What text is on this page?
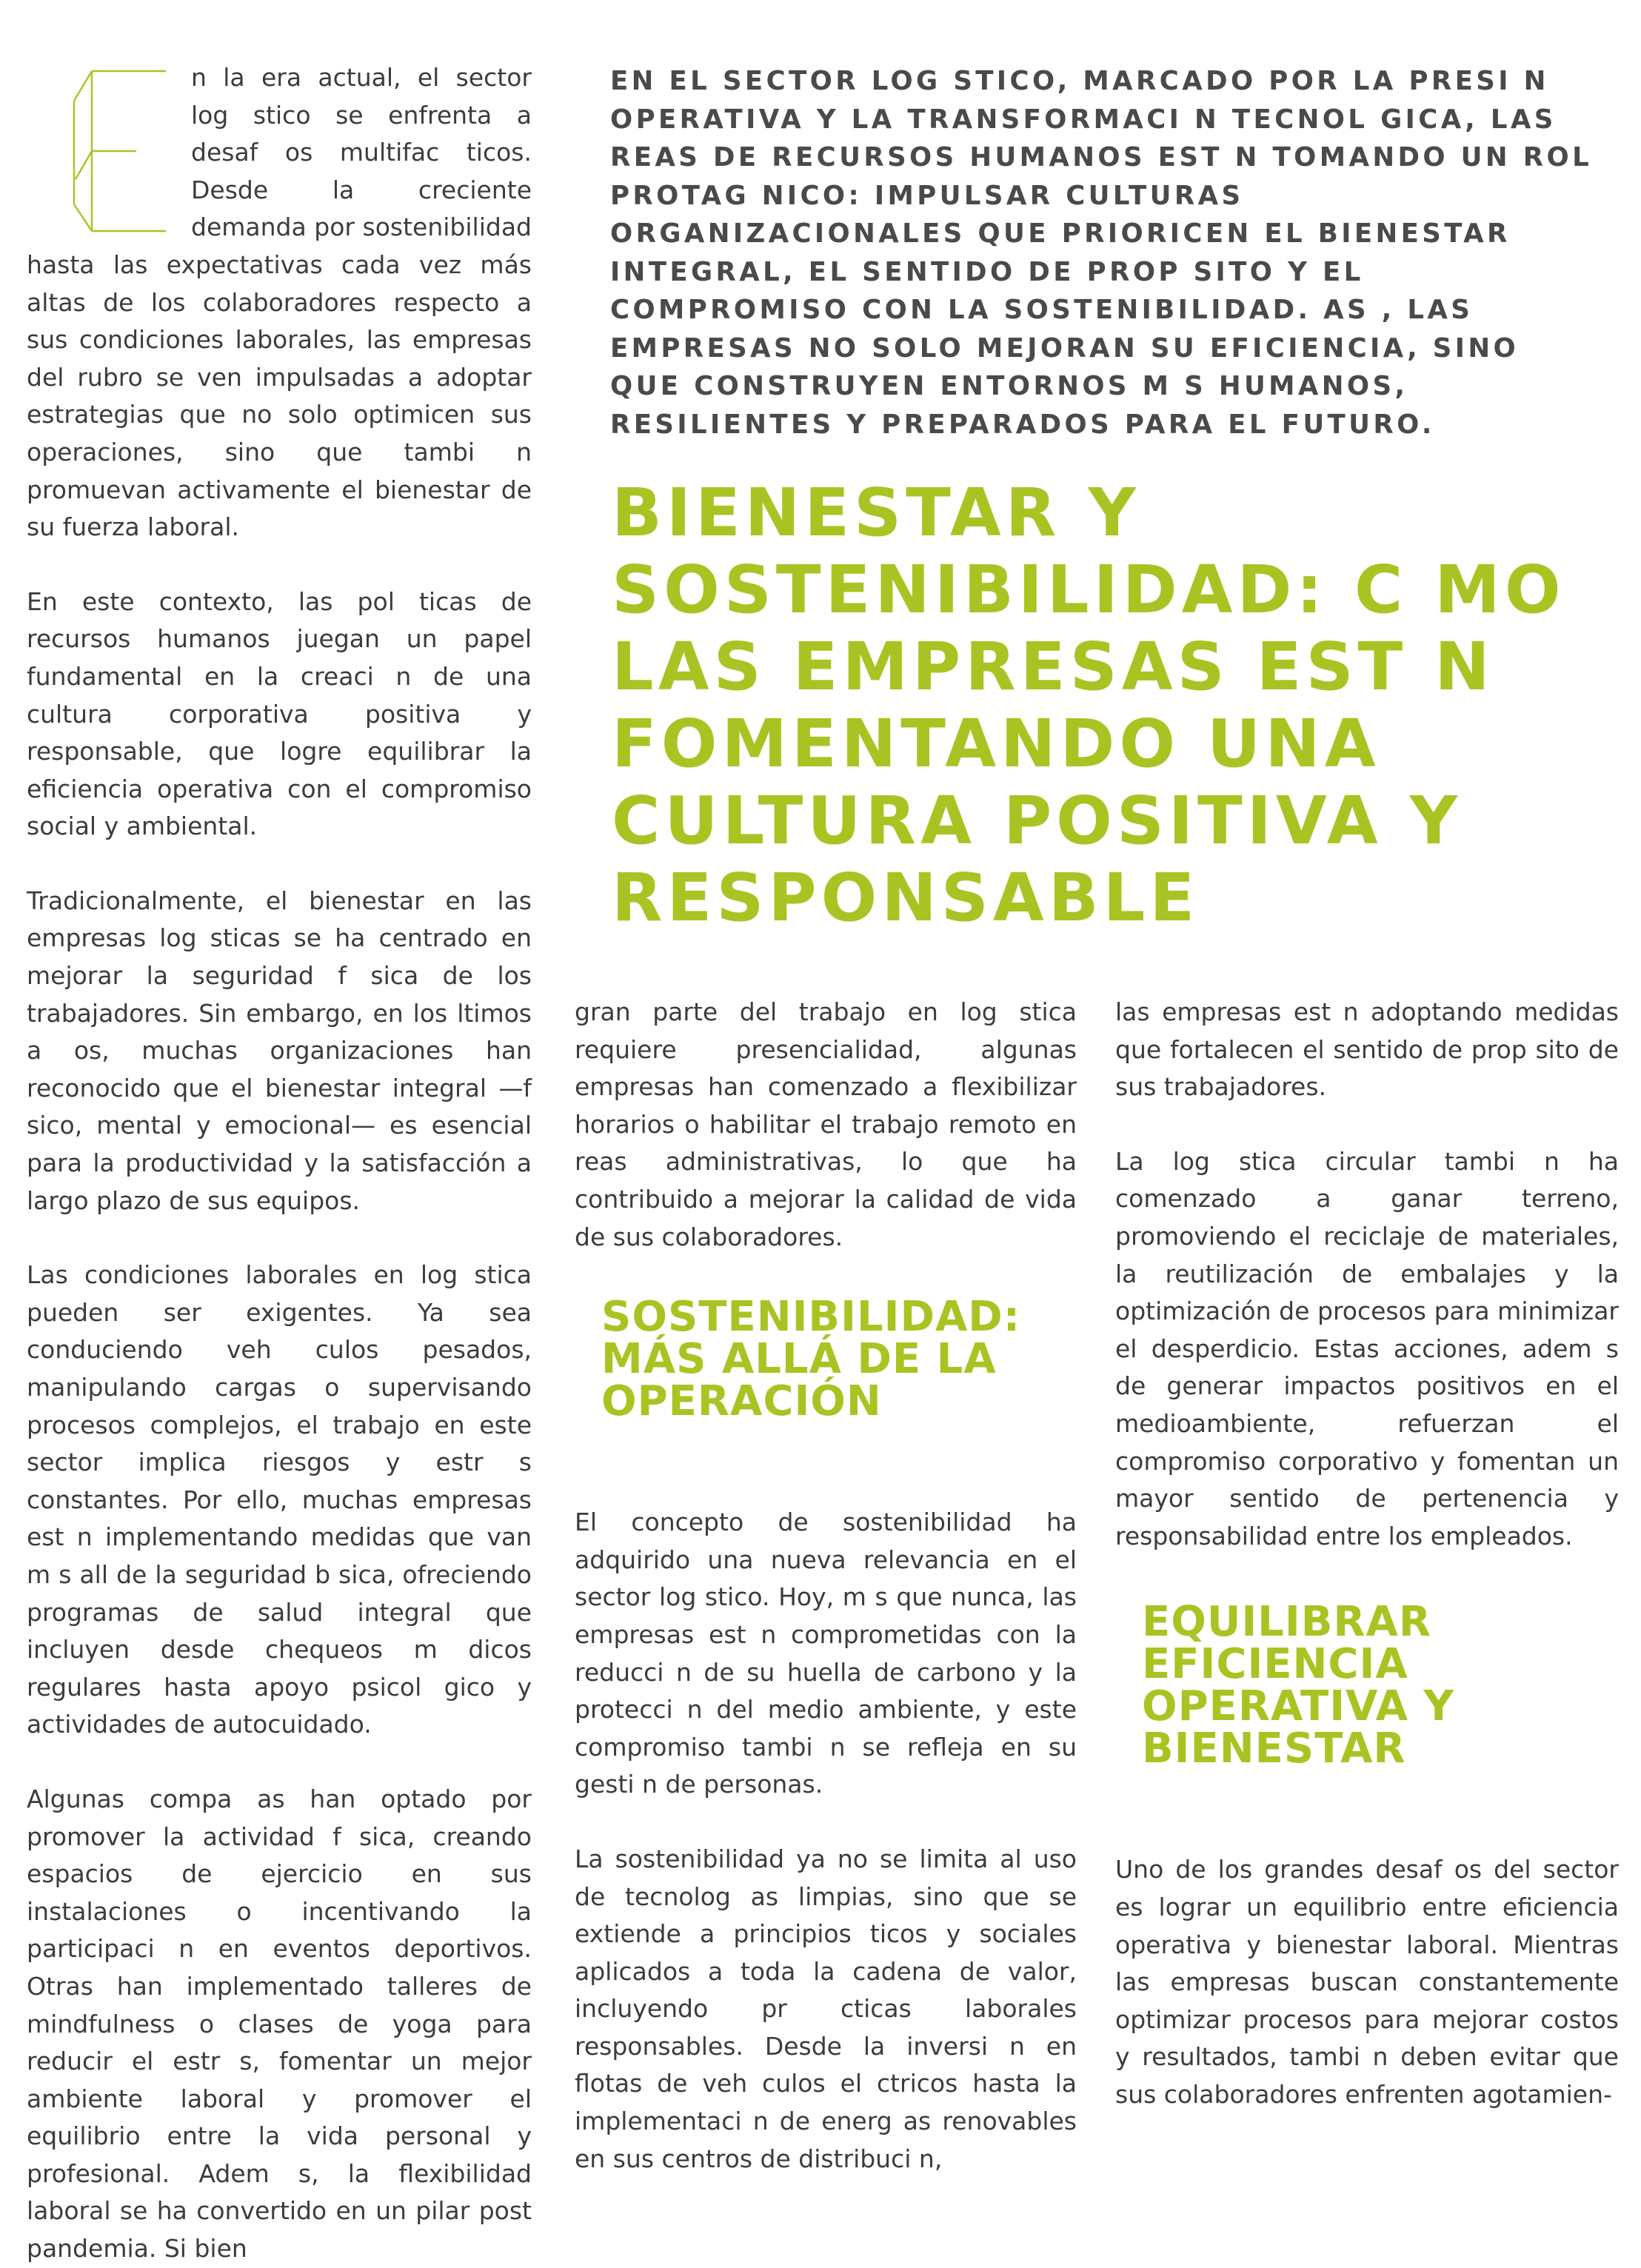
n la era actual, el sector log stico se enfrenta a desaf os multifac ticos. Desde la creciente demanda por sostenibilidad hasta las expectativas cada vez más altas de los colaboradores respecto a sus condiciones laborales, las empresas del rubro se ven impulsadas a adoptar estrategias que no solo optimicen sus operaciones, sino que tambi n promuevan activamente el bienestar de su fuerza laboral.

En este contexto, las pol ticas de recursos humanos juegan un papel fundamental en la creaci n de una cultura corporativa positiva y responsable, que logre equilibrar la eficiencia operativa con el compromiso social y ambiental.

Tradicionalmente, el bienestar en las empresas log sticas se ha centrado en mejorar la seguridad f sica de los trabajadores. Sin embargo, en los ltimos a os, muchas organizaciones han reconocido que el bienestar integral —f sico, mental y emocional— es esencial para la productividad y la satisfacción a largo plazo de sus equipos.

Las condiciones laborales en log stica pueden ser exigentes. Ya sea conduciendo veh culos pesados, manipulando cargas o supervisando procesos complejos, el trabajo en este sector implica riesgos y estr s constantes. Por ello, muchas empresas est n implementando medidas que van m s all de la seguridad b sica, ofreciendo programas de salud integral que incluyen desde chequeos m dicos regulares hasta apoyo psicol gico y actividades de autocuidado.

Algunas compa as han optado por promover la actividad f sica, creando espacios de ejercicio en sus instalaciones o incentivando la participaci n en eventos deportivos. Otras han implementado talleres de mindfulness o clases de yoga para reducir el estr s, fomentar un mejor ambiente laboral y promover el equilibrio entre la vida personal y profesional. Adem s, la flexibilidad laboral se ha convertido en un pilar post pandemia. Si bien

EN EL SECTOR LOG STICO, MARCADO POR LA PRESI N OPERATIVA Y LA TRANSFORMACI N TECNOL GICA, LAS REAS DE RECURSOS HUMANOS EST N TOMANDO UN ROL PROTAG NICO: IMPULSAR CULTURAS ORGANIZACIONALES QUE PRIORICEN EL BIENESTAR INTEGRAL, EL SENTIDO DE PROP SITO Y EL COMPROMISO CON LA SOSTENIBILIDAD. AS , LAS EMPRESAS NO SOLO MEJORAN SU EFICIENCIA, SINO QUE CONSTRUYEN ENTORNOS M S HUMANOS, RESILIENTES Y PREPARADOS PARA EL FUTURO.

BIENESTAR Y SOSTENIBILIDAD: C MO LAS EMPRESAS EST N FOMENTANDO UNA CULTURA POSITIVA Y RESPONSABLE

gran parte del trabajo en log stica requiere presencialidad, algunas empresas han comenzado a flexibilizar horarios o habilitar el trabajo remoto en reas administrativas, lo que ha contribuido a mejorar la calidad de vida de sus colaboradores.

SOSTENIBILIDAD: MÁS ALLÁ DE LA OPERACIÓN

El concepto de sostenibilidad ha adquirido una nueva relevancia en el sector log stico. Hoy, m s que nunca, las empresas est n comprometidas con la reducci n de su huella de carbono y la protecci n del medio ambiente, y este compromiso tambi n se refleja en su gesti n de personas.

La sostenibilidad ya no se limita al uso de tecnolog as limpias, sino que se extiende a principios ticos y sociales aplicados a toda la cadena de valor, incluyendo pr cticas laborales responsables. Desde la inversi n en flotas de veh culos el ctricos hasta la implementaci n de energ as renovables en sus centros de distribuci n,

las empresas est n adoptando medidas que fortalecen el sentido de prop sito de sus trabajadores.

La log stica circular tambi n ha comenzado a ganar terreno, promoviendo el reciclaje de materiales, la reutilización de embalajes y la optimización de procesos para minimizar el desperdicio. Estas acciones, adem s de generar impactos positivos en el medioambiente, refuerzan el compromiso corporativo y fomentan un mayor sentido de pertenencia y responsabilidad entre los empleados.

EQUILIBRAR EFICIENCIA OPERATIVA Y BIENESTAR

Uno de los grandes desaf os del sector es lograr un equilibrio entre eficiencia operativa y bienestar laboral. Mientras las empresas buscan constantemente optimizar procesos para mejorar costos y resultados, tambi n deben evitar que sus colaboradores enfrenten agotamien-
